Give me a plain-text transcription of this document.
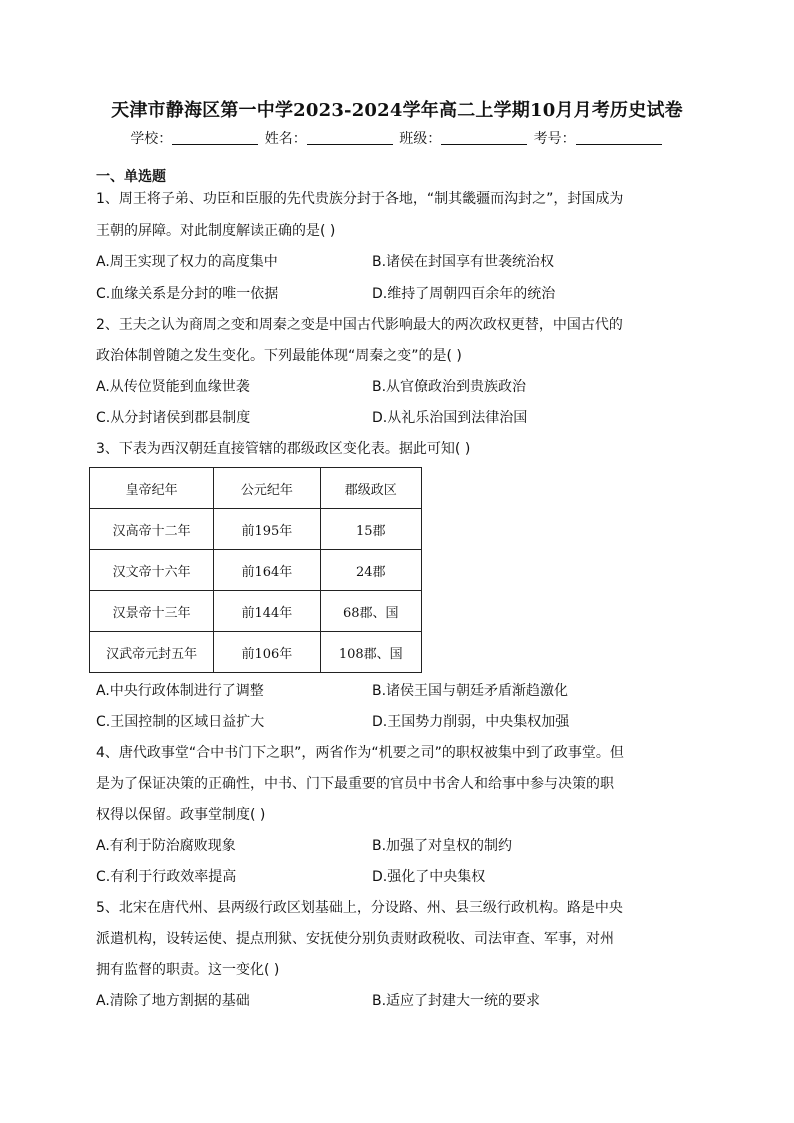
天津市静海区第一中学2023-2024学年高二上学期10月月考历史试卷
学校：	姓名：	班级：	考号：
一、单选题
1、周王将子弟、功臣和臣服的先代贵族分封于各地，“制其畿疆而沟封之”，封国成为
王朝的屏障。对此制度解读正确的是( )
A.周王实现了权力的高度集中	B.诸侯在封国享有世袭统治权
C.血缘关系是分封的唯一依据	D.维持了周朝四百余年的统治
2、王夫之认为商周之变和周秦之变是中国古代影响最大的两次政权更替，中国古代的
政治体制曾随之发生变化。下列最能体现“周秦之变”的是( )
A.从传位贤能到血缘世袭	B.从官僚政治到贵族政治
C.从分封诸侯到郡县制度	D.从礼乐治国到法律治国
3、下表为西汉朝廷直接管辖的郡级政区变化表。据此可知( )
皇帝纪年	公元纪年	郡级政区
汉高帝十二年	前195年	15郡
汉文帝十六年	前164年	24郡
汉景帝十三年	前144年	68郡、国
汉武帝元封五年	前106年	108郡、国
A.中央行政体制进行了调整	B.诸侯王国与朝廷矛盾渐趋激化
C.王国控制的区域日益扩大	D.王国势力削弱，中央集权加强
4、唐代政事堂“合中书门下之职”，两省作为“机要之司”的职权被集中到了政事堂。但
是为了保证决策的正确性，中书、门下最重要的官员中书舍人和给事中参与决策的职
权得以保留。政事堂制度( )
A.有利于防治腐败现象	B.加强了对皇权的制约
C.有利于行政效率提高	D.强化了中央集权
5、北宋在唐代州、县两级行政区划基础上，分设路、州、县三级行政机构。路是中央
派遣机构，设转运使、提点刑狱、安抚使分别负责财政税收、司法审查、军事，对州
拥有监督的职责。这一变化( )
A.清除了地方割据的基础	B.适应了封建大一统的要求
